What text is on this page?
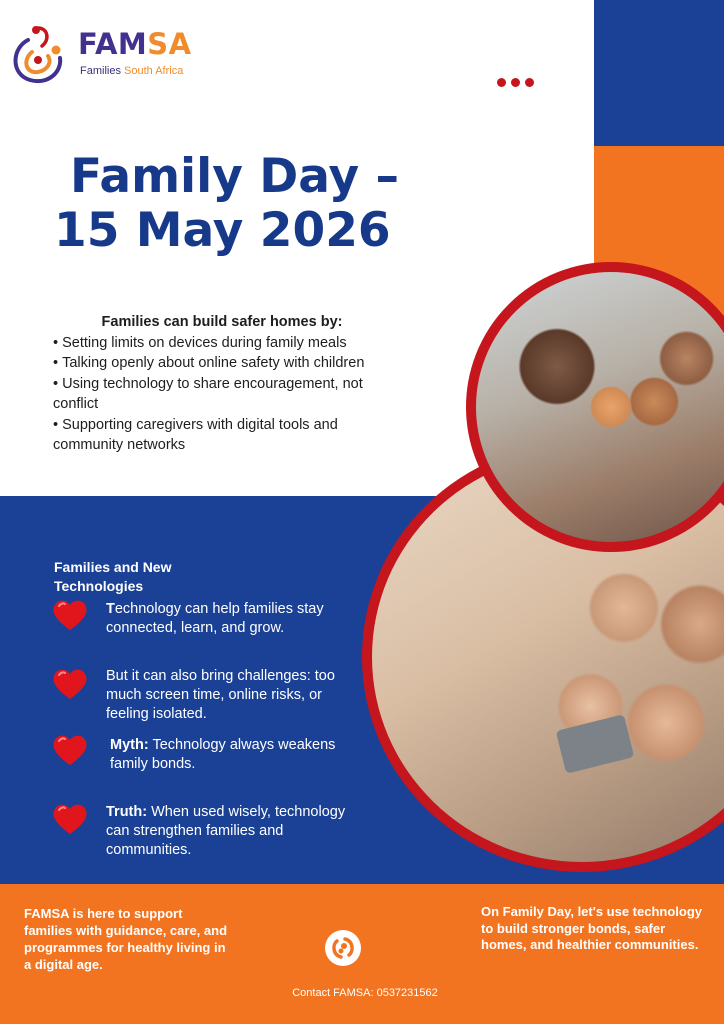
FAMSA
Families South Africa
Family Day –
15 May 2026
Families can build safer homes by:
• Setting limits on devices during family meals
• Talking openly about online safety with children
• Using technology to share encouragement, not conflict
• Supporting caregivers with digital tools and community networks
Families and New Technologies
Technology can help families stay connected, learn, and grow.
But it can also bring challenges: too much screen time, online risks, or feeling isolated.
Myth: Technology always weakens family bonds.
Truth: When used wisely, technology can strengthen families and communities.
FAMSA is here to support families with guidance, care, and programmes for healthy living in a digital age.
Contact FAMSA: 0537231562
On Family Day, let's use technology to build stronger bonds, safer homes, and healthier communities.
